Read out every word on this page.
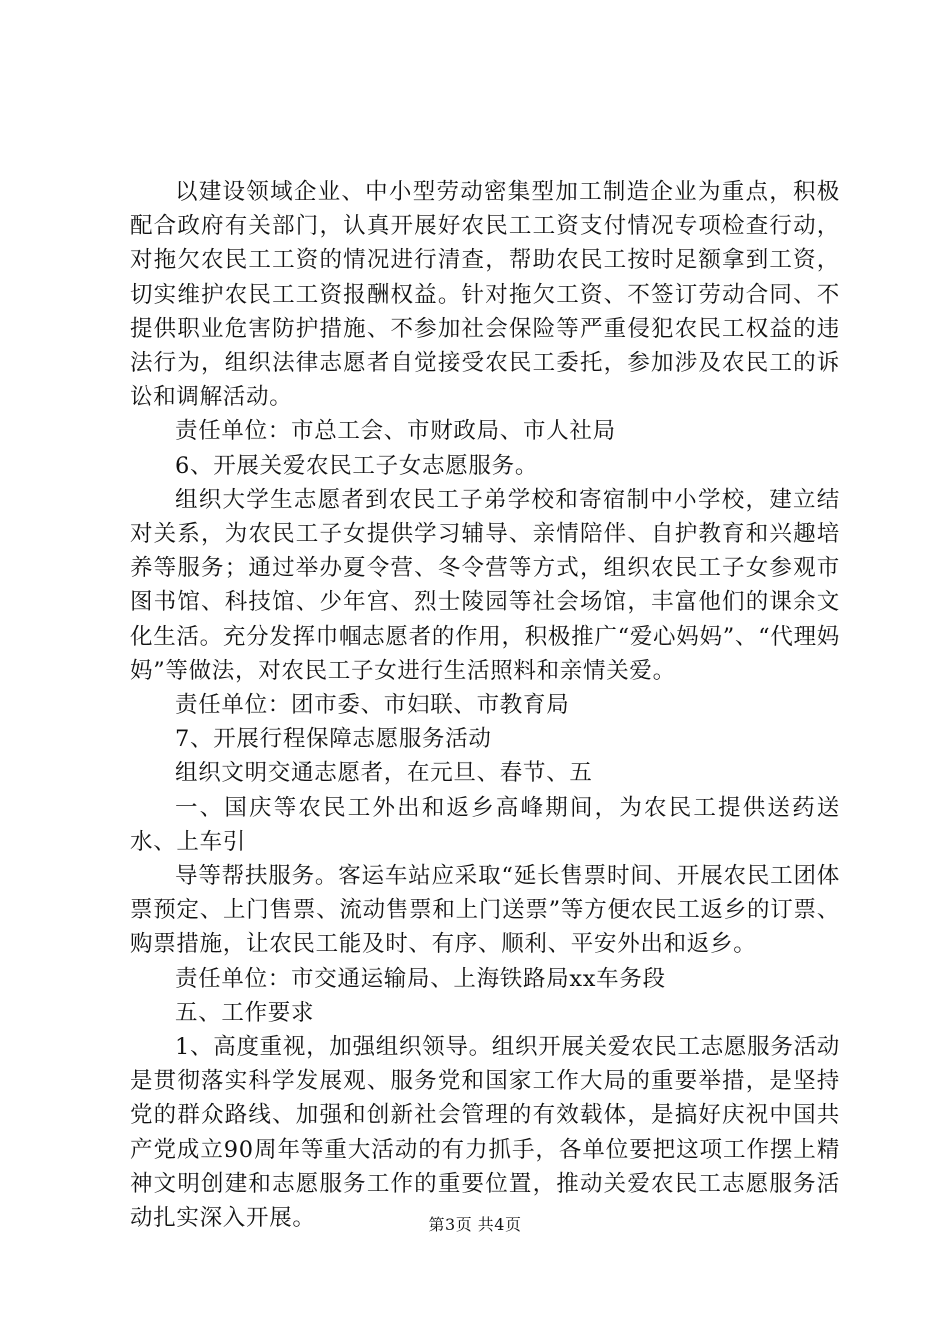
以建设领域企业、中小型劳动密集型加工制造企业为重点，积极配合政府有关部门，认真开展好农民工工资支付情况专项检查行动，对拖欠农民工工资的情况进行清查，帮助农民工按时足额拿到工资，切实维护农民工工资报酬权益。针对拖欠工资、不签订劳动合同、不提供职业危害防护措施、不参加社会保险等严重侵犯农民工权益的违法行为，组织法律志愿者自觉接受农民工委托，参加涉及农民工的诉讼和调解活动。

责任单位：市总工会、市财政局、市人社局

6、开展关爱农民工子女志愿服务。

组织大学生志愿者到农民工子弟学校和寄宿制中小学校，建立结对关系，为农民工子女提供学习辅导、亲情陪伴、自护教育和兴趣培养等服务；通过举办夏令营、冬令营等方式，组织农民工子女参观市图书馆、科技馆、少年宫、烈士陵园等社会场馆，丰富他们的课余文化生活。充分发挥巾帼志愿者的作用，积极推广“爱心妈妈”、“代理妈妈”等做法，对农民工子女进行生活照料和亲情关爱。

责任单位：团市委、市妇联、市教育局

7、开展行程保障志愿服务活动

组织文明交通志愿者，在元旦、春节、五

一、国庆等农民工外出和返乡高峰期间，为农民工提供送药送水、上车引

导等帮扶服务。客运车站应采取“延长售票时间、开展农民工团体票预定、上门售票、流动售票和上门送票”等方便农民工返乡的订票、购票措施，让农民工能及时、有序、顺利、平安外出和返乡。

责任单位：市交通运输局、上海铁路局xx车务段

五、工作要求

1、高度重视，加强组织领导。组织开展关爱农民工志愿服务活动是贯彻落实科学发展观、服务党和国家工作大局的重要举措，是坚持党的群众路线、加强和创新社会管理的有效载体，是搞好庆祝中国共产党成立90周年等重大活动的有力抓手，各单位要把这项工作摆上精神文明创建和志愿服务工作的重要位置，推动关爱农民工志愿服务活动扎实深入开展。	第3页 共4页
